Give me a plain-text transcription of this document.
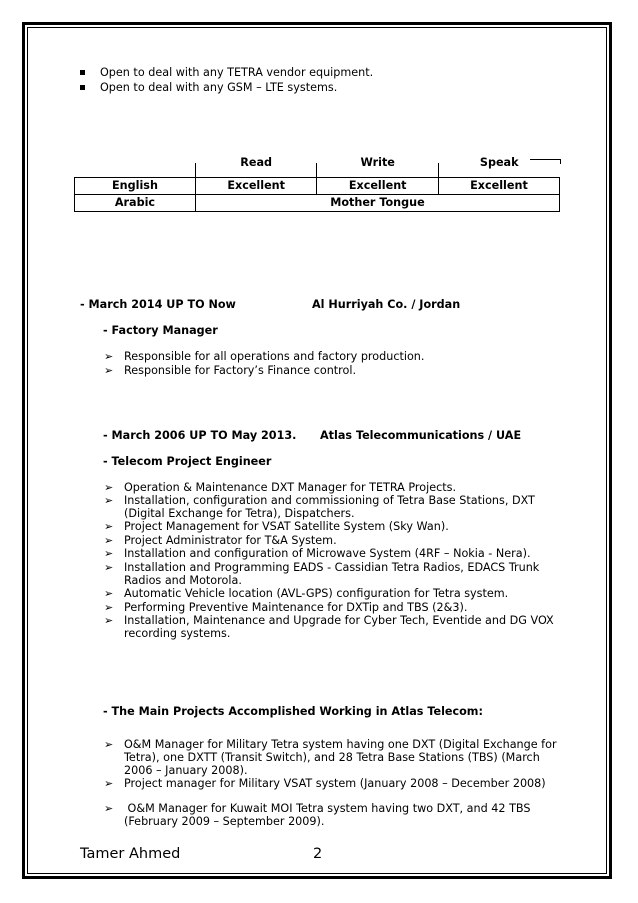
Open to deal with any TETRA vendor equipment.
Open to deal with any GSM – LTE systems.
	Read	Write	Speak
English	Excellent	Excellent	Excellent
Arabic	Mother Tongue		
- March 2014 UP TO Now	Al Hurriyah Co. / Jordan
- Factory Manager
➢ Responsible for all operations and factory production.
➢ Responsible for Factory’s Finance control.
- March 2006 UP TO May 2013. Atlas Telecommunications / UAE
- Telecom Project Engineer
➢ Operation & Maintenance DXT Manager for TETRA Projects.
➢ Installation, configuration and commissioning of Tetra Base Stations, DXT
(Digital Exchange for Tetra), Dispatchers.
➢ Project Management for VSAT Satellite System (Sky Wan).
➢ Project Administrator for T&A System.
➢ Installation and configuration of Microwave System (4RF – Nokia - Nera).
➢ Installation and Programming EADS - Cassidian Tetra Radios, EDACS Trunk
Radios and Motorola.
➢ Automatic Vehicle location (AVL-GPS) configuration for Tetra system.
➢ Performing Preventive Maintenance for DXTip and TBS (2&3).
➢ Installation, Maintenance and Upgrade for Cyber Tech, Eventide and DG VOX
recording systems.
- The Main Projects Accomplished Working in Atlas Telecom:
➢ O&M Manager for Military Tetra system having one DXT (Digital Exchange for
Tetra), one DXTT (Transit Switch), and 28 Tetra Base Stations (TBS) (March
2006 – January 2008).
➢ Project manager for Military VSAT system (January 2008 – December 2008)
➢ O&M Manager for Kuwait MOI Tetra system having two DXT, and 42 TBS
(February 2009 – September 2009).
Tamer Ahmed	2
